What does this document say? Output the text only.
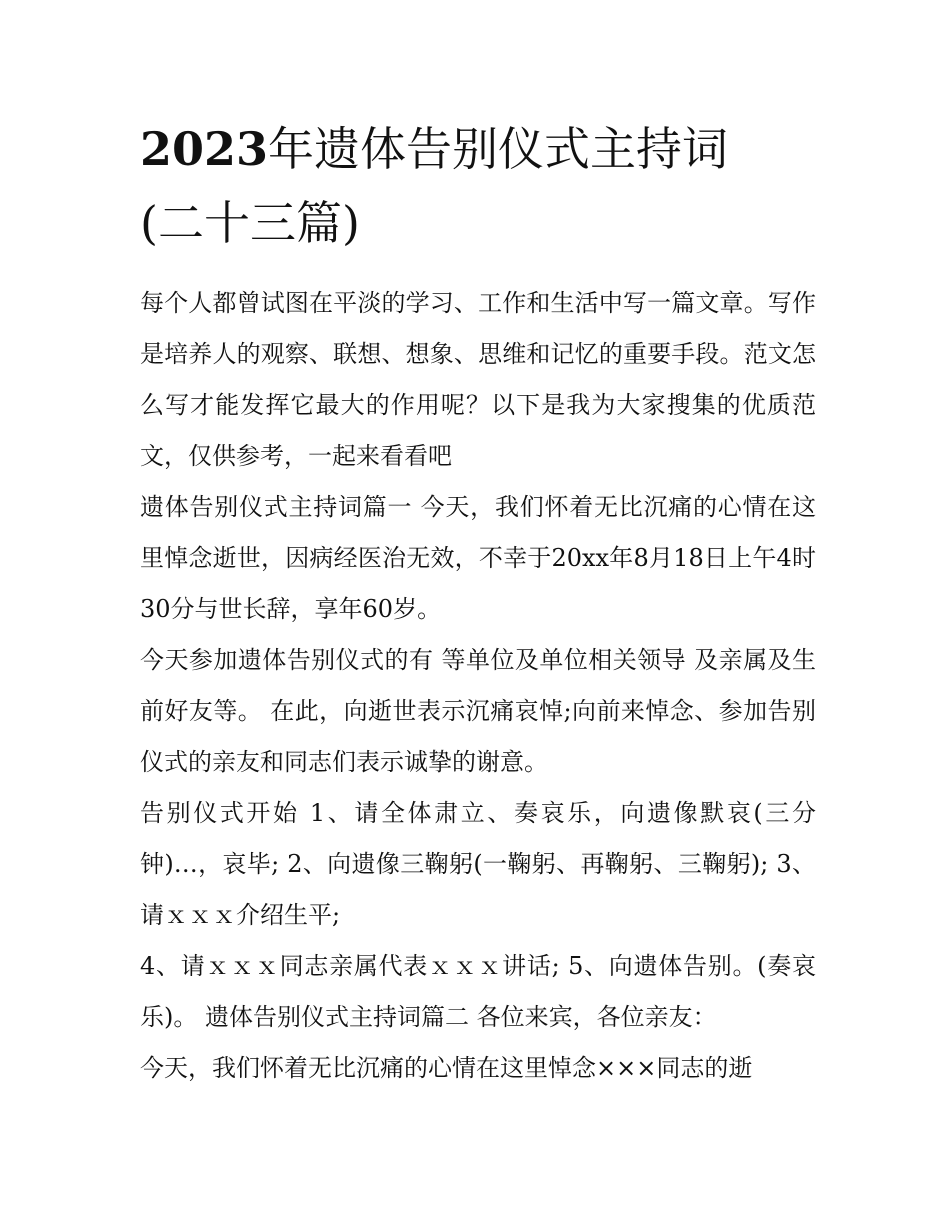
2023年遗体告别仪式主持词
(二十三篇)

每个人都曾试图在平淡的学习、工作和生活中写一篇文章。写作是培养人的观察、联想、想象、思维和记忆的重要手段。范文怎么写才能发挥它最大的作用呢？以下是我为大家搜集的优质范文，仅供参考，一起来看看吧

遗体告别仪式主持词篇一 今天，我们怀着无比沉痛的心情在这里悼念逝世，因病经医治无效，不幸于20xx年8月18日上午4时30分与世长辞，享年60岁。

今天参加遗体告别仪式的有 等单位及单位相关领导 及亲属及生前好友等。 在此，向逝世表示沉痛哀悼;向前来悼念、参加告别仪式的亲友和同志们表示诚挚的谢意。

告别仪式开始 1、请全体肃立、奏哀乐，向遗像默哀(三分钟)…，哀毕; 2、向遗像三鞠躬(一鞠躬、再鞠躬、三鞠躬); 3、请ｘｘｘ介绍生平;

4、请ｘｘｘ同志亲属代表ｘｘｘ讲话; 5、向遗体告别。(奏哀乐)。 遗体告别仪式主持词篇二 各位来宾，各位亲友：

今天，我们怀着无比沉痛的心情在这里悼念×××同志的逝
